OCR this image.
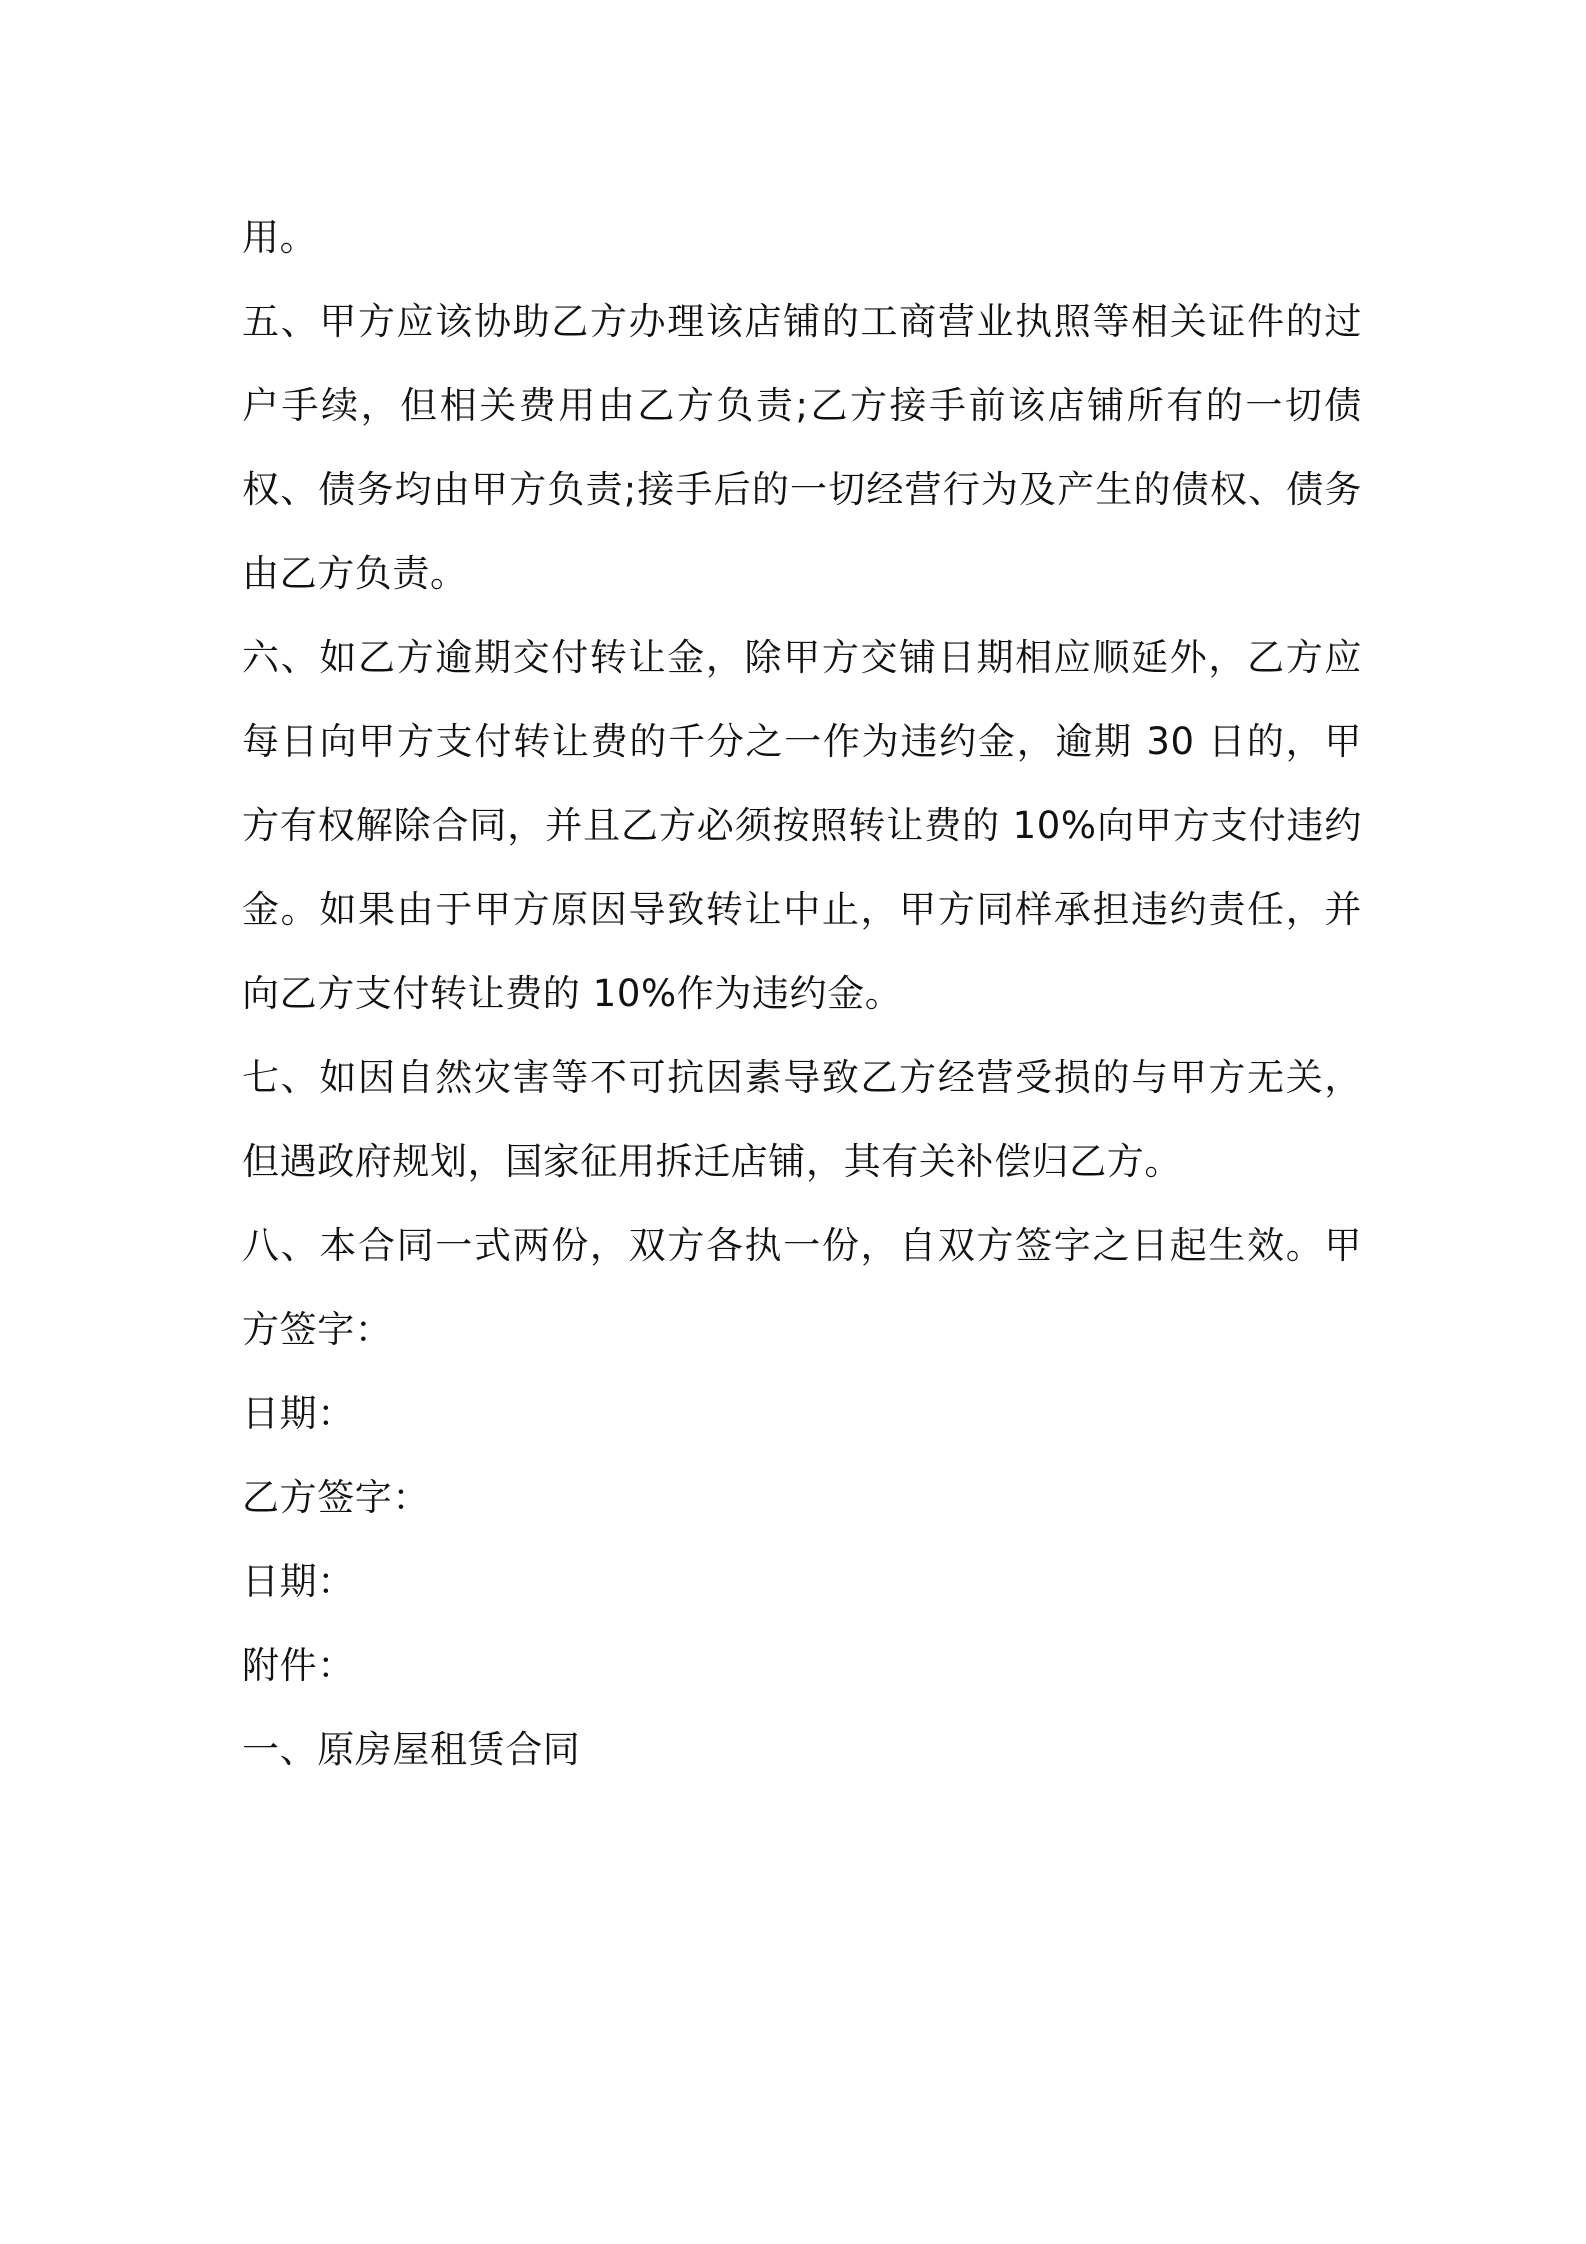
用。

五、甲方应该协助乙方办理该店铺的工商营业执照等相关证件的过户手续，但相关费用由乙方负责;乙方接手前该店铺所有的一切债权、债务均由甲方负责;接手后的一切经营行为及产生的债权、债务由乙方负责。

六、如乙方逾期交付转让金，除甲方交铺日期相应顺延外，乙方应每日向甲方支付转让费的千分之一作为违约金，逾期 30 日的，甲方有权解除合同，并且乙方必须按照转让费的 10%向甲方支付违约金。如果由于甲方原因导致转让中止，甲方同样承担违约责任，并向乙方支付转让费的 10%作为违约金。

七、如因自然灾害等不可抗因素导致乙方经营受损的与甲方无关，但遇政府规划，国家征用拆迁店铺，其有关补偿归乙方。

八、本合同一式两份，双方各执一份，自双方签字之日起生效。甲方签字：

日期：

乙方签字：

日期：

附件：

一、原房屋租赁合同
